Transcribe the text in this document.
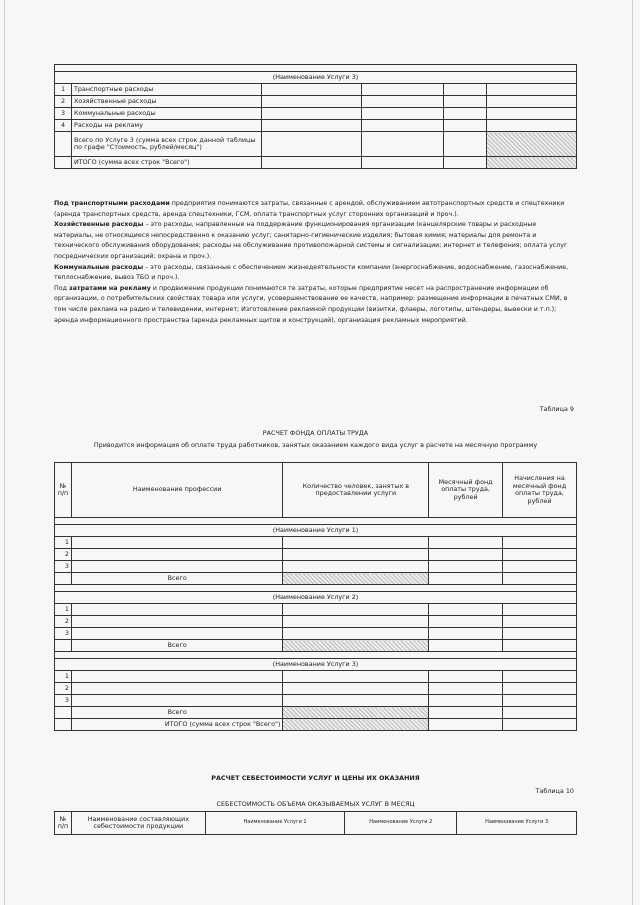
(Наименование Услуги 3)					
1	Транспортные расходы				
2	Хозяйственные расходы				
3	Коммунальные расходы				
4	Расходы на рекламу				
	Всего по Услуге 3 (сумма всех строк данной таблицы по графе "Стоимость, рублей/месяц")				
	ИТОГО (сумма всех строк "Всего")				
Под транспортными расходами предприятия понимаются затраты, связанные с арендой, обслуживанием автотранспортных средств и спецтехники (аренда транспортных средств, аренда спецтехники, ГСМ, оплата транспортных услуг сторонних организаций и проч.).
Хозяйственные расходы – это расходы, направленные на поддержание функционирования организации (канцелярские товары и расходные материалы, не относящиеся непосредственно к оказанию услуг; санитарно-гигиенические изделия; бытовая химия; материалы для ремонта и технического обслуживания оборудования; расходы на обслуживание противопожарной системы и сигнализации; интернет и телефония; оплата услуг посреднических организаций; охрана и проч.).
Коммунальные расходы – это расходы, связанные с обеспечением жизнедеятельности компании (энергоснабжение, водоснабжение, газоснабжение, теплоснабжение, вывоз ТБО и проч.).
Под затратами на рекламу и продвижение продукции понимаются те затраты, которые предприятие несет на распространение информации об организации, о потребительских свойствах товара или услуги, усовершенствование ее качеств, например: размещение информации в печатных СМИ, в том числе реклама на радио и телевидении, интернет; Изготовление рекламной продукции (визитки, флаеры, логотипы, штендеры, вывески и т.п.); аренда информационного пространства (аренда рекламных щитов и конструкций), организация рекламных мероприятий.
Таблица 9
РАСЧЕТ ФОНДА ОПЛАТЫ ТРУДА
Приводится информация об оплате труда работников, занятых оказанием каждого вида услуг в расчете на месячную программу
№ п/п	Наименование профессии	Количество человек, занятых в предоставлении услуги	Месячный фонд оплаты труда, рублей	Начисления на месячный фонд оплаты труда, рублей

(Наименование Услуги 1)				
1				
2				
3				
	Всего			

(Наименование Услуги 2)				
1				
2				
3				
	Всего			

(Наименование Услуги 3)				
1				
2				
3				
	Всего			
	ИТОГО (сумма всех строк "Всего")			
РАСЧЕТ СЕБЕСТОИМОСТИ УСЛУГ И ЦЕНЫ ИХ ОКАЗАНИЯ
Таблица 10
СЕБЕСТОИМОСТЬ ОБЪЕМА ОКАЗЫВАЕМЫХ УСЛУГ В МЕСЯЦ
№ п/п	Наименование составляющих себестоимости продукции	Наименование Услуги 1	Наименование Услуги 2	Наименование Услуги 3
